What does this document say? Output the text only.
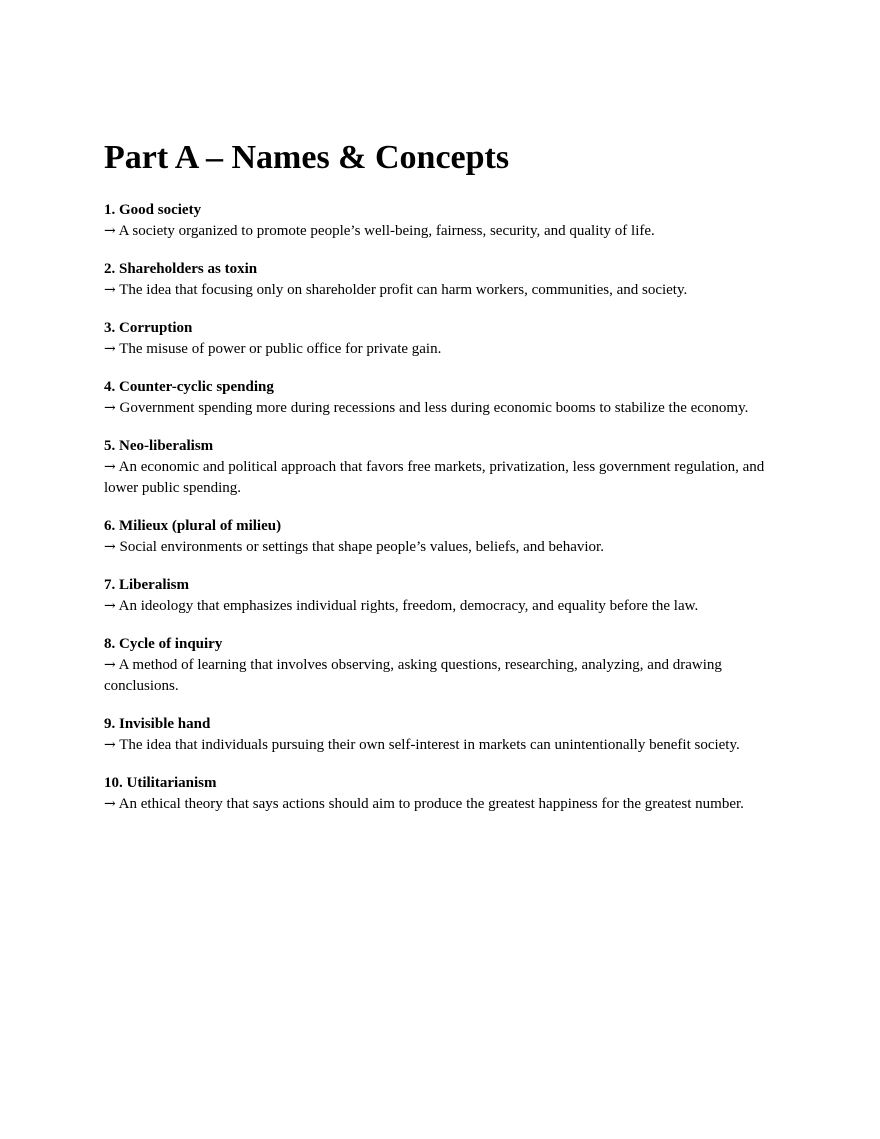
Part A – Names & Concepts
1. Good society
→ A society organized to promote people’s well-being, fairness, security, and quality of life.
2. Shareholders as toxin
→ The idea that focusing only on shareholder profit can harm workers, communities, and society.
3. Corruption
→ The misuse of power or public office for private gain.
4. Counter-cyclic spending
→ Government spending more during recessions and less during economic booms to stabilize the economy.
5. Neo-liberalism
→ An economic and political approach that favors free markets, privatization, less government regulation, and lower public spending.
6. Milieux (plural of milieu)
→ Social environments or settings that shape people’s values, beliefs, and behavior.
7. Liberalism
→ An ideology that emphasizes individual rights, freedom, democracy, and equality before the law.
8. Cycle of inquiry
→ A method of learning that involves observing, asking questions, researching, analyzing, and drawing conclusions.
9. Invisible hand
→ The idea that individuals pursuing their own self-interest in markets can unintentionally benefit society.
10. Utilitarianism
→ An ethical theory that says actions should aim to produce the greatest happiness for the greatest number.
